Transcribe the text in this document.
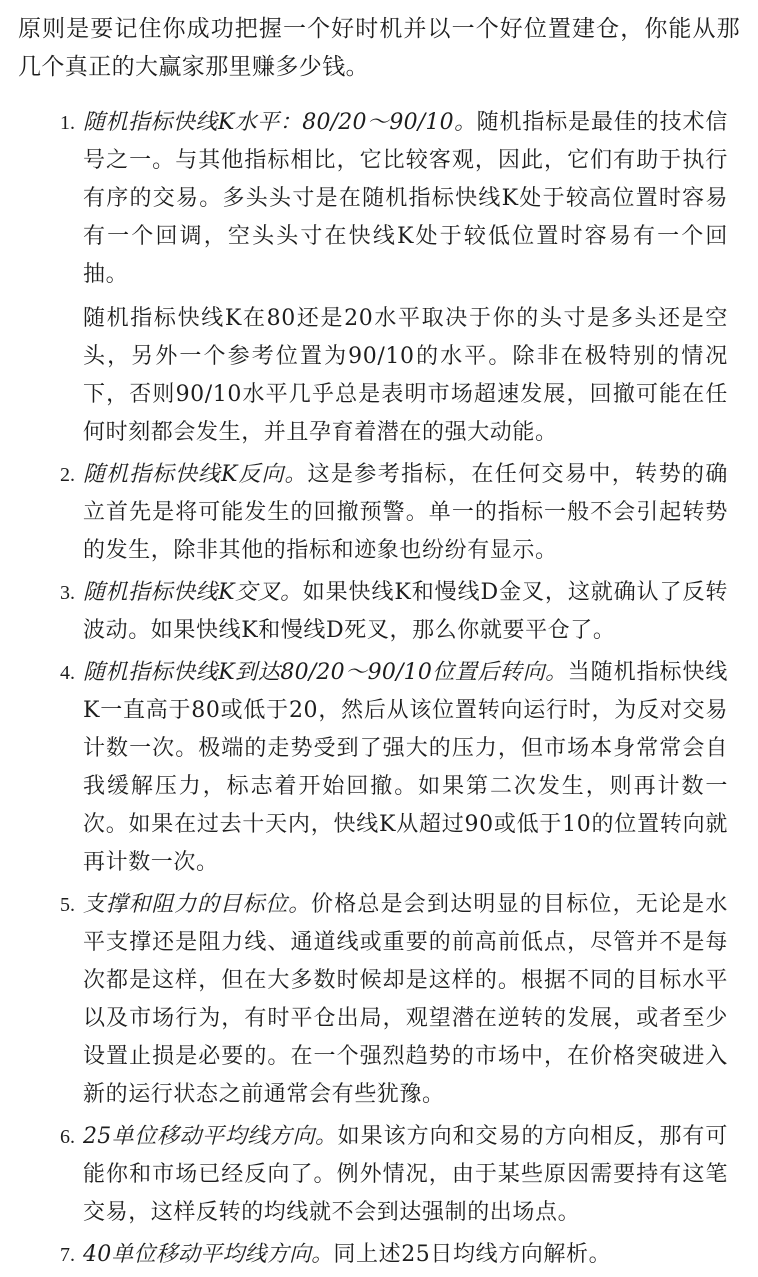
原则是要记住你成功把握一个好时机并以一个好位置建仓，你能从那几个真正的大赢家那里赚多少钱。

1. 随机指标快线K水平：80/20～90/10。随机指标是最佳的技术信号之一。与其他指标相比，它比较客观，因此，它们有助于执行有序的交易。多头头寸是在随机指标快线K处于较高位置时容易有一个回调，空头头寸在快线K处于较低位置时容易有一个回抽。

随机指标快线K在80还是20水平取决于你的头寸是多头还是空头，另外一个参考位置为90/10的水平。除非在极特别的情况下，否则90/10水平几乎总是表明市场超速发展，回撤可能在任何时刻都会发生，并且孕育着潜在的强大动能。

2. 随机指标快线K反向。这是参考指标，在任何交易中，转势的确立首先是将可能发生的回撤预警。单一的指标一般不会引起转势的发生，除非其他的指标和迹象也纷纷有显示。

3. 随机指标快线K交叉。如果快线K和慢线D金叉，这就确认了反转波动。如果快线K和慢线D死叉，那么你就要平仓了。

4. 随机指标快线K到达80/20～90/10位置后转向。当随机指标快线K一直高于80或低于20，然后从该位置转向运行时，为反对交易计数一次。极端的走势受到了强大的压力，但市场本身常常会自我缓解压力，标志着开始回撤。如果第二次发生，则再计数一次。如果在过去十天内，快线K从超过90或低于10的位置转向就再计数一次。

5. 支撑和阻力的目标位。价格总是会到达明显的目标位，无论是水平支撑还是阻力线、通道线或重要的前高前低点，尽管并不是每次都是这样，但在大多数时候却是这样的。根据不同的目标水平以及市场行为，有时平仓出局，观望潜在逆转的发展，或者至少设置止损是必要的。在一个强烈趋势的市场中，在价格突破进入新的运行状态之前通常会有些犹豫。

6. 25单位移动平均线方向。如果该方向和交易的方向相反，那有可能你和市场已经反向了。例外情况，由于某些原因需要持有这笔交易，这样反转的均线就不会到达强制的出场点。

7. 40单位移动平均线方向。同上述25日均线方向解析。
